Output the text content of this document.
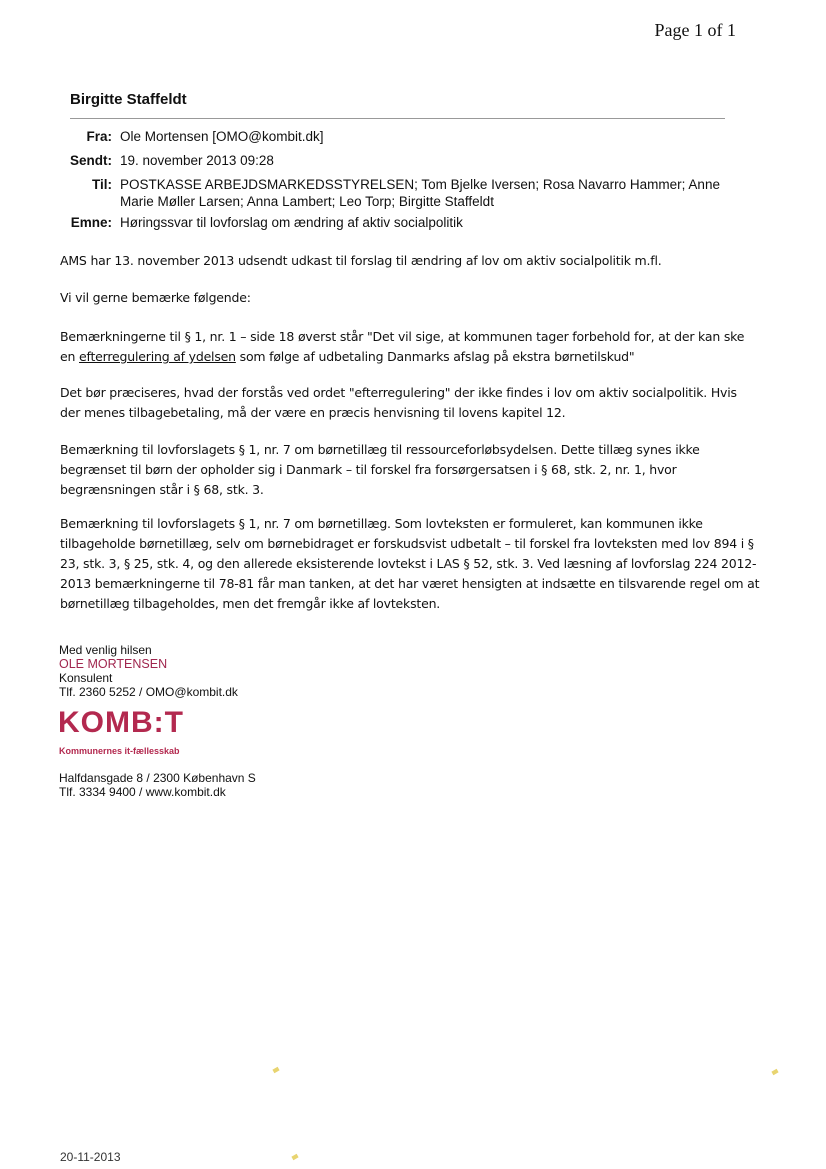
Page 1 of 1
Birgitte Staffeldt
Fra: Ole Mortensen [OMO@kombit.dk]
Sendt: 19. november 2013 09:28
Til: POSTKASSE ARBEJDSMARKEDSSTYRELSEN; Tom Bjelke Iversen; Rosa Navarro Hammer; Anne Marie Møller Larsen; Anna Lambert; Leo Torp; Birgitte Staffeldt
Emne: Høringssvar til lovforslag om ændring af aktiv socialpolitik

AMS har 13. november 2013 udsendt udkast til forslag til ændring af lov om aktiv socialpolitik m.fl.

Vi vil gerne bemærke følgende:

Bemærkningerne til § 1, nr. 1 – side 18 øverst står "Det vil sige, at kommunen tager forbehold for, at der kan ske en efterregulering af ydelsen som følge af udbetaling Danmarks afslag på ekstra børnetilskud"

Det bør præciseres, hvad der forstås ved ordet "efterregulering" der ikke findes i lov om aktiv socialpolitik. Hvis der menes tilbagebetaling, må der være en præcis henvisning til lovens kapitel 12.

Bemærkning til lovforslagets § 1, nr. 7 om børnetillæg til ressourceforløbsydelsen. Dette tillæg synes ikke begrænset til børn der opholder sig i Danmark – til forskel fra forsørgersatsen i § 68, stk. 2, nr. 1, hvor begrænsningen står i § 68, stk. 3.

Bemærkning til lovforslagets § 1, nr. 7 om børnetillæg. Som lovteksten er formuleret, kan kommunen ikke tilbageholde børnetillæg, selv om børnebidraget er forskudsvist udbetalt – til forskel fra lovteksten med lov 894 i § 23, stk. 3, § 25, stk. 4, og den allerede eksisterende lovtekst i LAS § 52, stk. 3. Ved læsning af lovforslag 224 2012-2013 bemærkningerne til 78-81 får man tanken, at det har været hensigten at indsætte en tilsvarende regel om at børnetillæg tilbageholdes, men det fremgår ikke af lovteksten.

Med venlig hilsen
OLE MORTENSEN
Konsulent
Tlf. 2360 5252 / OMO@kombit.dk
KOMB:T
Kommunernes it-fællesskab
Halfdansgade 8 / 2300 København S
Tlf. 3334 9400 / www.kombit.dk
20-11-2013
